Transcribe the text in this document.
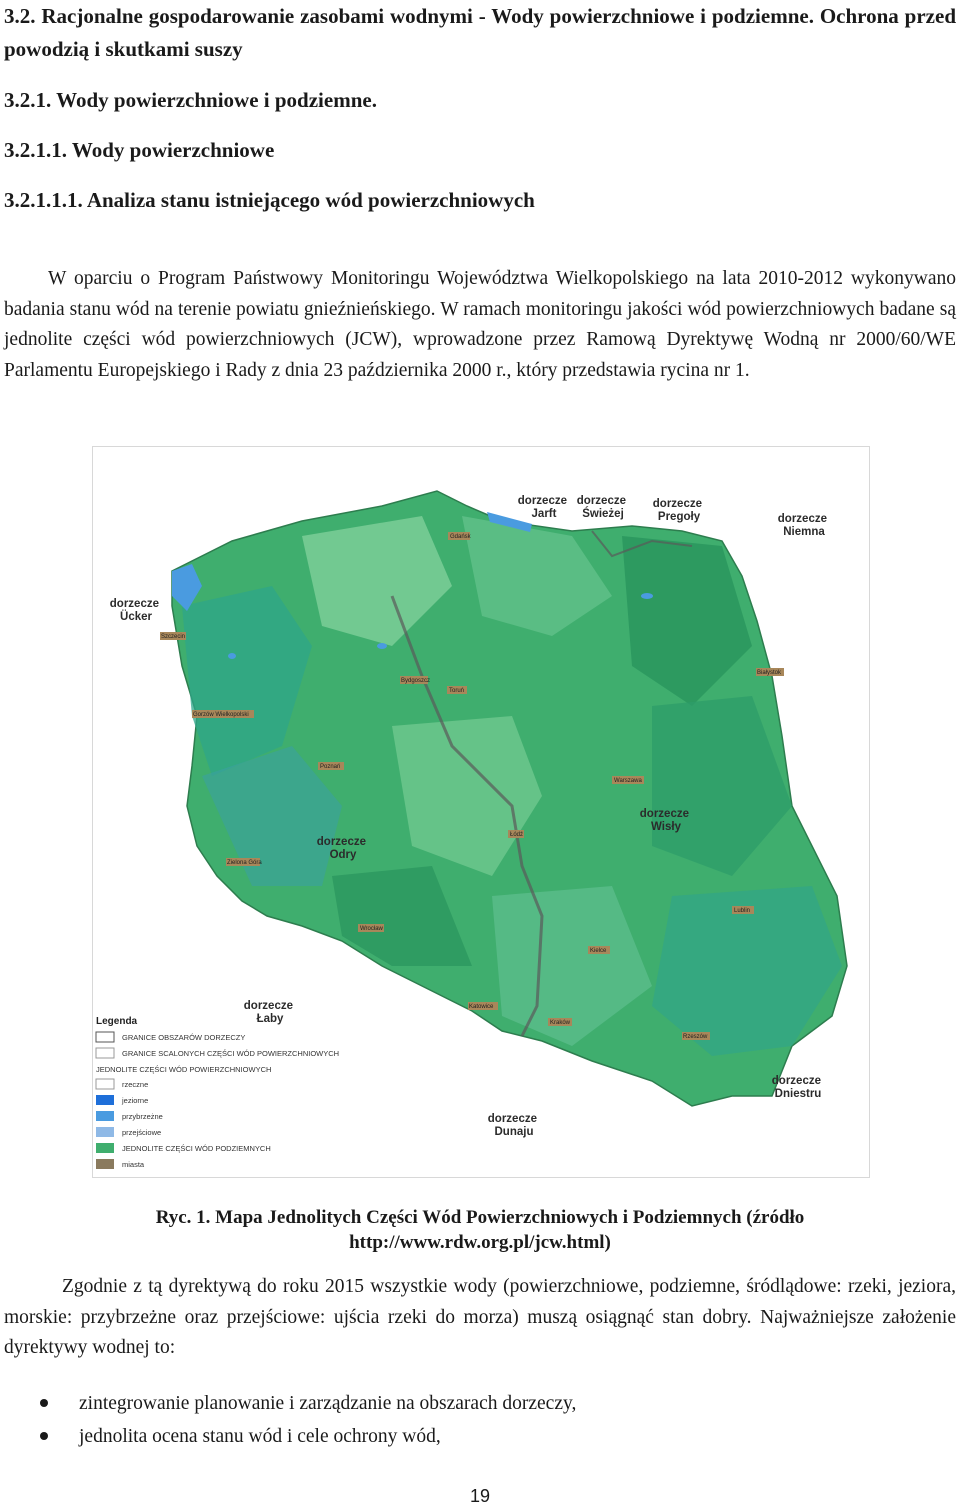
3.2. Racjonalne gospodarowanie zasobami wodnymi - Wody powierzchniowe i podziemne. Ochrona przed powodzią i skutkami suszy
3.2.1. Wody powierzchniowe i podziemne.
3.2.1.1. Wody powierzchniowe
3.2.1.1.1. Analiza stanu istniejącego wód powierzchniowych

W oparciu o Program Państwowy Monitoringu Województwa Wielkopolskiego na lata 2010-2012 wykonywano badania stanu wód na terenie powiatu gnieźnieńskiego. W ramach monitoringu jakości wód powierzchniowych badane są jednolite części wód powierzchniowych (JCW), wprowadzone przez Ramową Dyrektywę Wodną nr 2000/60/WE Parlamentu Europejskiego i Rady z dnia 23 października 2000 r., który przedstawia rycina nr 1.

dorzecze Jarft
dorzecze Świeżej
dorzecze Pregoły	dorzecze Niemna
dorzecze Ücker
dorzecze Odry
dorzecze Wisły
dorzecze Łaby
dorzecze Dniestru
dorzecze Dunaju
Gdańsk
Szczecin
Bydgoszcz
Toruń
Białystok
Gorzów Wielkopolski
Poznań
Warszawa
Łódź
Zielona Góra
Wrocław
Lublin
Kielce
Katowice
Kraków
Rzeszów
Legenda
GRANICE OBSZARÓW DORZECZY
GRANICE SCALONYCH CZĘŚCI WÓD POWIERZCHNIOWYCH
JEDNOLITE CZĘŚCI WÓD POWIERZCHNIOWYCH
rzeczne
jeziorne
przybrzeżne
przejściowe
JEDNOLITE CZĘŚCI WÓD PODZIEMNYCH
miasta

Ryc. 1. Mapa Jednolitych Części Wód Powierzchniowych i Podziemnych (źródło http://www.rdw.org.pl/jcw.html)

Zgodnie z tą dyrektywą do roku 2015 wszystkie wody (powierzchniowe, podziemne, śródlądowe: rzeki, jeziora, morskie: przybrzeżne oraz przejściowe: ujścia rzeki do morza) muszą osiągnąć stan dobry. Najważniejsze założenie dyrektywy wodnej to:

zintegrowanie planowanie i zarządzanie na obszarach dorzeczy,
jednolita ocena stanu wód i cele ochrony wód,
19
